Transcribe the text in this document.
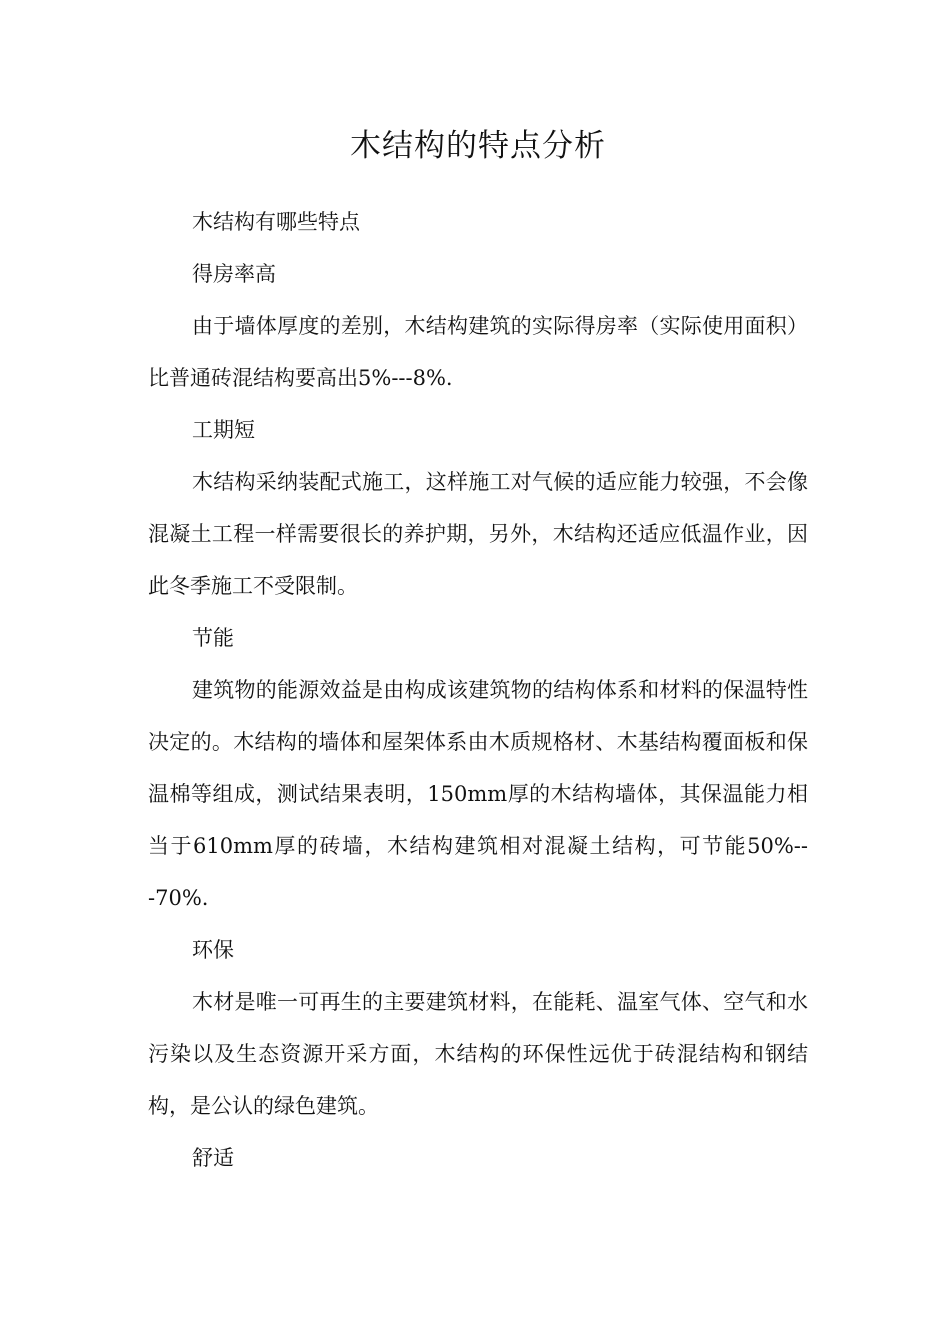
木结构的特点分析

木结构有哪些特点

得房率高

由于墙体厚度的差别，木结构建筑的实际得房率（实际使用面积）比普通砖混结构要高出5%---8%.

工期短

木结构采纳装配式施工，这样施工对气候的适应能力较强，不会像混凝土工程一样需要很长的养护期，另外，木结构还适应低温作业，因此冬季施工不受限制。

节能

建筑物的能源效益是由构成该建筑物的结构体系和材料的保温特性决定的。木结构的墙体和屋架体系由木质规格材、木基结构覆面板和保温棉等组成，测试结果表明，150mm厚的木结构墙体，其保温能力相当于610mm厚的砖墙，木结构建筑相对混凝土结构，可节能50%---70%.

环保

木材是唯一可再生的主要建筑材料，在能耗、温室气体、空气和水污染以及生态资源开采方面，木结构的环保性远优于砖混结构和钢结构，是公认的绿色建筑。

舒适
